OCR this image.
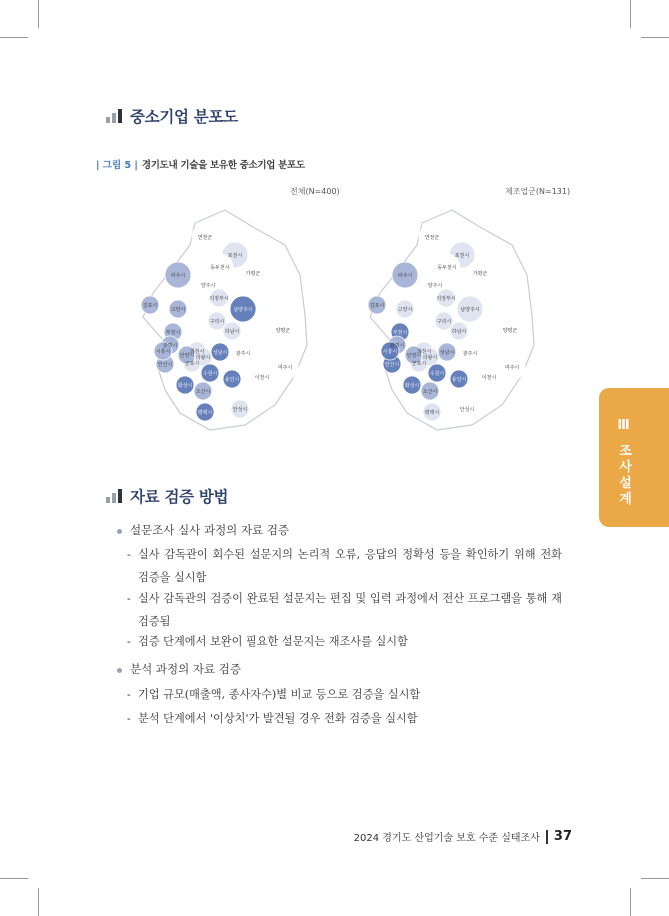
중소기업 분포도
| 그림 5 | 경기도내 기술을 보유한 중소기업 분포도
전체(N=400)	제조업군(N=131)
연천군
포천시
동두천시
가평군
파주시
양주시
의정부시
김포시
고양시	남양주시
구리시
부천시	하남시	양평군
광명시
과천시 성남시
안산시	군포시
광주시
시흥시
안양시 의왕시
수원시
용인시
여주시
화성시
이천시
오산시
평택시	안성시
연천군
포천시
동두천시
가평군
파주시
양주시
의정부시
김포시
고양시	남양주시
구리시
부천시	하남시	양평군
광명시
과천시 성남시
안산시	군포시
광주시
시흥시
안양시 의왕시
수원시
용인시
여주시
화성시
이천시
오산시
평택시	안성시
Ⅲ 조사설계
자료 검증 방법
설문조사 실사 과정의 자료 검증
- 실사 감독관이 회수된 설문지의 논리적 오류, 응답의 정확성 등을 확인하기 위해 전화 검증을 실시함
- 실사 감독관의 검증이 완료된 설문지는 편집 및 입력 과정에서 전산 프로그램을 통해 재검증됨
- 검증 단계에서 보완이 필요한 설문지는 재조사를 실시함
분석 과정의 자료 검증
- 기업 규모(매출액, 종사자수)별 비교 등으로 검증을 실시함
- 분석 단계에서 '이상치'가 발견될 경우 전화 검증을 실시함
2024 경기도 산업기술 보호 수준 실태조사 37
